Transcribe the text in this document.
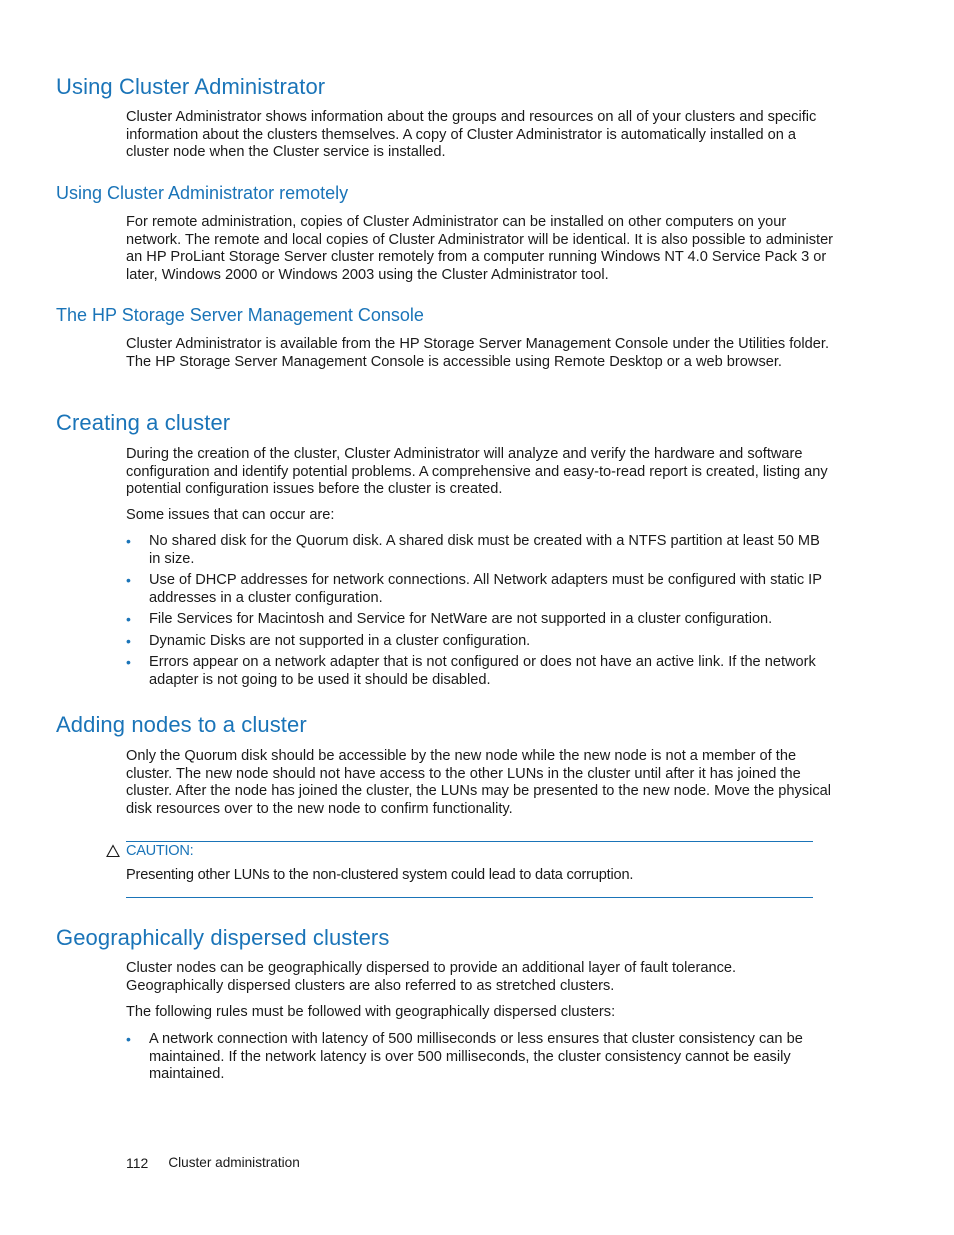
Using Cluster Administrator

Cluster Administrator shows information about the groups and resources on all of your clusters and specific information about the clusters themselves. A copy of Cluster Administrator is automatically installed on a cluster node when the Cluster service is installed.

Using Cluster Administrator remotely

For remote administration, copies of Cluster Administrator can be installed on other computers on your network. The remote and local copies of Cluster Administrator will be identical. It is also possible to administer an HP ProLiant Storage Server cluster remotely from a computer running Windows NT 4.0 Service Pack 3 or later, Windows 2000 or Windows 2003 using the Cluster Administrator tool.

The HP Storage Server Management Console

Cluster Administrator is available from the HP Storage Server Management Console under the Utilities folder. The HP Storage Server Management Console is accessible using Remote Desktop or a web browser.

Creating a cluster

During the creation of the cluster, Cluster Administrator will analyze and verify the hardware and software configuration and identify potential problems. A comprehensive and easy-to-read report is created, listing any potential configuration issues before the cluster is created.

Some issues that can occur are:

• No shared disk for the Quorum disk. A shared disk must be created with a NTFS partition at least 50 MB in size.
• Use of DHCP addresses for network connections. All Network adapters must be configured with static IP addresses in a cluster configuration.
• File Services for Macintosh and Service for NetWare are not supported in a cluster configuration.
• Dynamic Disks are not supported in a cluster configuration.
• Errors appear on a network adapter that is not configured or does not have an active link. If the network adapter is not going to be used it should be disabled.
Adding nodes to a cluster

Only the Quorum disk should be accessible by the new node while the new node is not a member of the cluster. The new node should not have access to the other LUNs in the cluster until after it has joined the cluster. After the node has joined the cluster, the LUNs may be presented to the new node. Move the physical disk resources over to the new node to confirm functionality.

CAUTION:

Presenting other LUNs to the non-clustered system could lead to data corruption.

Geographically dispersed clusters

Cluster nodes can be geographically dispersed to provide an additional layer of fault tolerance. Geographically dispersed clusters are also referred to as stretched clusters.

The following rules must be followed with geographically dispersed clusters:

• A network connection with latency of 500 milliseconds or less ensures that cluster consistency can be maintained. If the network latency is over 500 milliseconds, the cluster consistency cannot be easily maintained.
112 Cluster administration
